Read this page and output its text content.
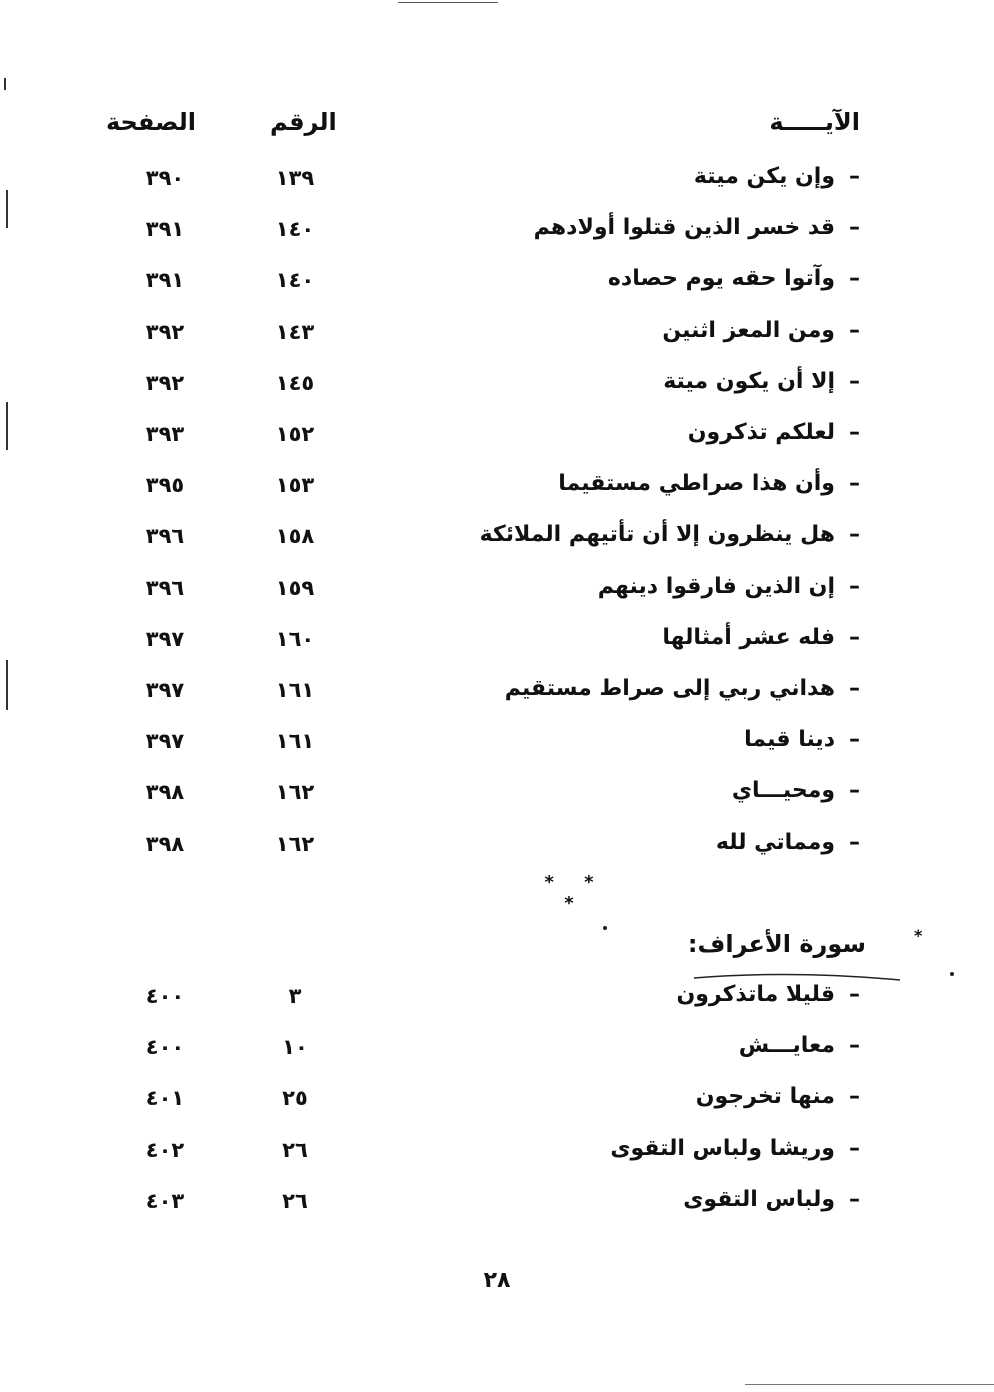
الآيـــــة
الرقم
الصفحة
–وإن يكن ميتة
١٣٩
٣٩٠
–قد خسر الذين قتلوا أولادهم
١٤٠
٣٩١
–وآتوا حقه يوم حصاده
١٤٠
٣٩١
–ومن المعز اثنين
١٤٣
٣٩٢
–إلا أن يكون ميتة
١٤٥
٣٩٢
–لعلكم تذكرون
١٥٢
٣٩٣
–وأن هذا صراطي مستقيما
١٥٣
٣٩٥
–هل ينظرون إلا أن تأتيهم الملائكة
١٥٨
٣٩٦
–إن الذين فارقوا دينهم
١٥٩
٣٩٦
–فله عشر أمثالها
١٦٠
٣٩٧
–هداني ربي إلى صراط مستقيم
١٦١
٣٩٧
–دينا قيما
١٦١
٣٩٧
–ومحيـــاي
١٦٢
٣٩٨
–ومماتي لله
١٦٢
٣٩٨
* * *
*
سورة الأعراف:
–قليلا ماتذكرون
٣
٤٠٠
–معايـــش
١٠
٤٠٠
–منها تخرجون
٢٥
٤٠١
–وريشا ولباس التقوى
٢٦
٤٠٢
–ولباس التقوى
٢٦
٤٠٣
٢٨
